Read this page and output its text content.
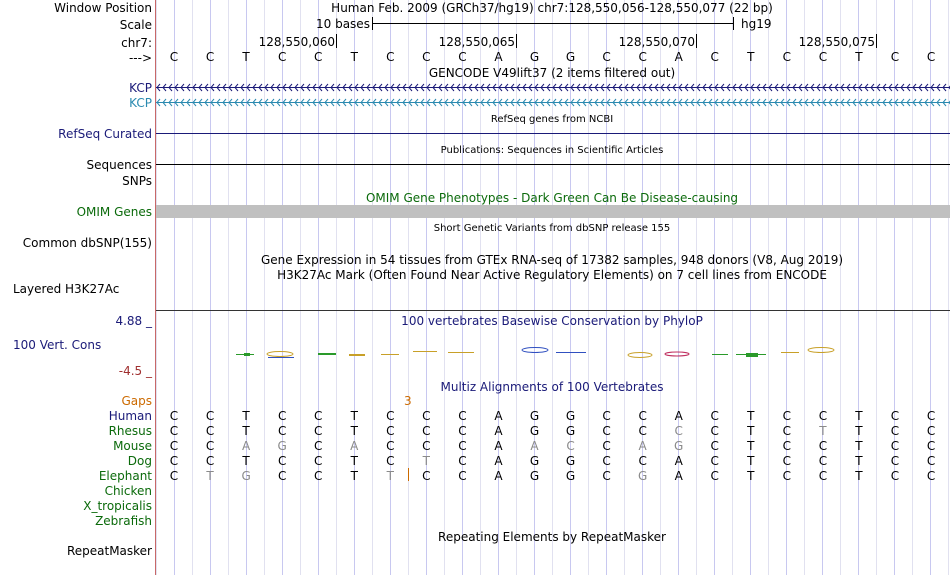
Window Position	Human Feb. 2009 (GRCh37/hg19) chr7:128,550,056-128,550,077 (22 bp)
Scale	10 bases	hg19
chr7:	128,550,060	128,550,065	128,550,070	128,550,075
--->	C	C	T	C	C	T	C	C	C	A	G	G	C	C	A	C	T	C	C	T	C	C
GENCODE V49lift37 (2 items filtered out)
KCP
KCP
RefSeq genes from NCBI
RefSeq Curated
Publications: Sequences in Scientific Articles
Sequences
SNPs
OMIM Gene Phenotypes - Dark Green Can Be Disease-causing
OMIM Genes
Short Genetic Variants from dbSNP release 155
Common dbSNP(155)
Gene Expression in 54 tissues from GTEx RNA-seq of 17382 samples, 948 donors (V8, Aug 2019)
H3K27Ac Mark (Often Found Near Active Regulatory Elements) on 7 cell lines from ENCODE
Layered H3K27Ac
4.88 _	100 vertebrates Basewise Conservation by PhyloP
100 Vert. Cons
-4.5 _
Multiz Alignments of 100 Vertebrates
Gaps	3
Human	C	C	T	C	C	T	C	C	C	A	G	G	C	C	A	C	T	C	C	T	C	C
Rhesus	C	C	T	C	C	T	C	C	C	A	G	G	C	C	C	C	T	C	T	T	C	C
Mouse	C	C	A	G	C	A	C	C	C	A	A	C	C	A	G	C	T	C	C	T	C	C
Dog	C	C	T	C	C	T	C	T	C	A	G	G	C	C	A	C	T	C	C	T	C	C
Elephant	C	T	G	C	C	T	T	C	C	A	G	G	C	G	A	C	T	C	C	T	C	C
Chicken
X_tropicalis
Zebrafish
Repeating Elements by RepeatMasker
RepeatMasker
